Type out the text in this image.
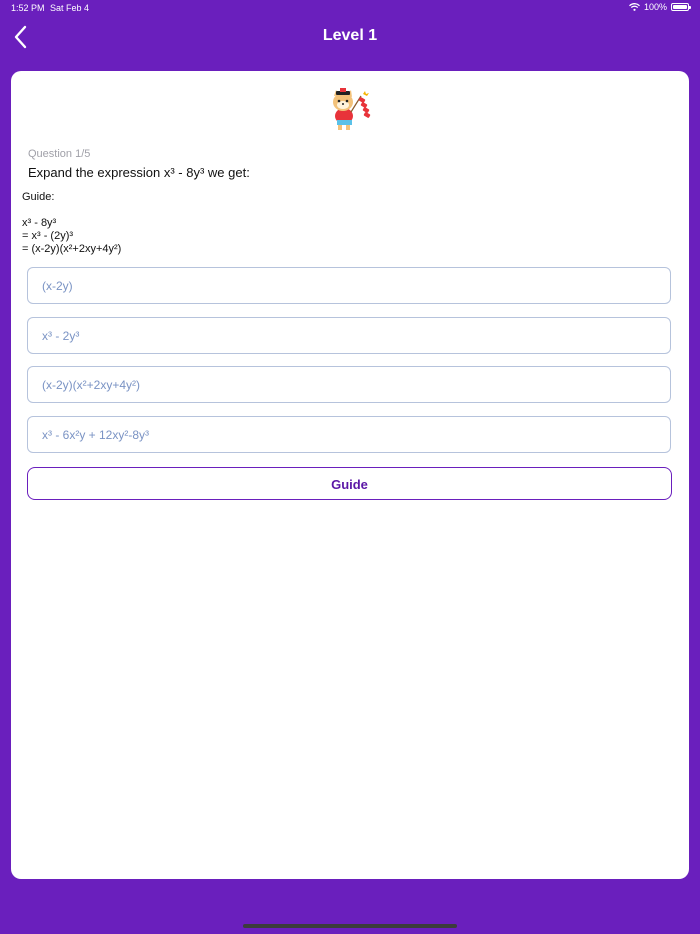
1:52 PM Sat Feb 4	100%
Level 1
Question 1/5
Expand the expression x³ - 8y³ we get:
Guide:
x³ - 8y³
= x³ - (2y)³
= (x-2y)(x²+2xy+4y²)
(x-2y)
x³ - 2y³
(x-2y)(x²+2xy+4y²)
x³ - 6x²y + 12xy²-8y³
Guide
